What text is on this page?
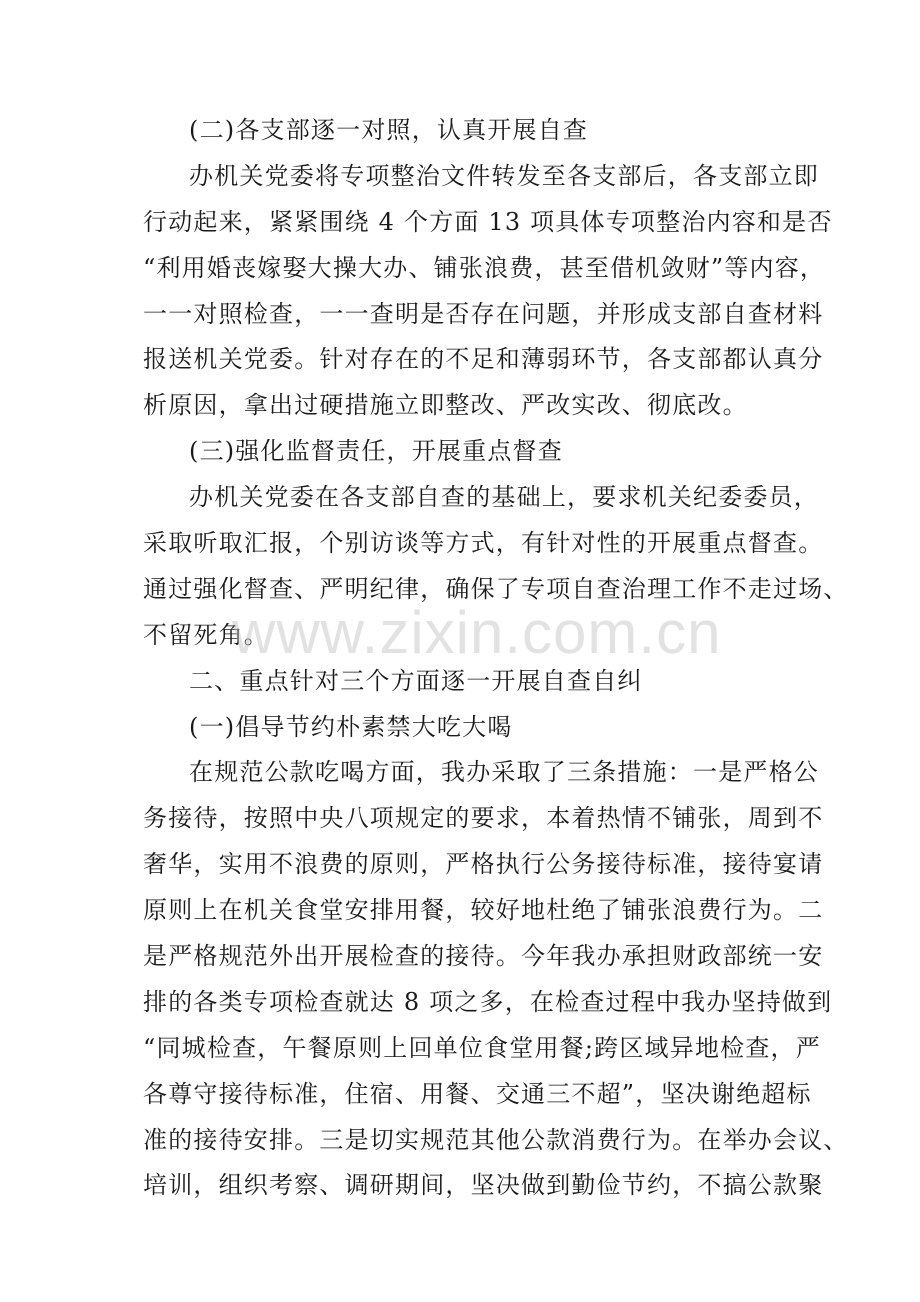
(二)各支部逐一对照，认真开展自查
办机关党委将专项整治文件转发至各支部后，各支部立即
行动起来，紧紧围绕 4 个方面 13 项具体专项整治内容和是否
“利用婚丧嫁娶大操大办、铺张浪费，甚至借机敛财”等内容，
一一对照检查，一一查明是否存在问题，并形成支部自查材料
报送机关党委。针对存在的不足和薄弱环节，各支部都认真分
析原因，拿出过硬措施立即整改、严改实改、彻底改。
(三)强化监督责任，开展重点督查
办机关党委在各支部自查的基础上，要求机关纪委委员，
采取听取汇报，个别访谈等方式，有针对性的开展重点督查。
通过强化督查、严明纪律，确保了专项自查治理工作不走过场、
不留死角。
二、重点针对三个方面逐一开展自查自纠
(一)倡导节约朴素禁大吃大喝
在规范公款吃喝方面，我办采取了三条措施：一是严格公
务接待，按照中央八项规定的要求，本着热情不铺张，周到不
奢华，实用不浪费的原则，严格执行公务接待标准，接待宴请
原则上在机关食堂安排用餐，较好地杜绝了铺张浪费行为。二
是严格规范外出开展检查的接待。今年我办承担财政部统一安
排的各类专项检查就达 8 项之多，在检查过程中我办坚持做到
“同城检查，午餐原则上回单位食堂用餐;跨区域异地检查，严
各尊守接待标准，住宿、用餐、交通三不超”，坚决谢绝超标
准的接待安排。三是切实规范其他公款消费行为。在举办会议、
培训，组织考察、调研期间，坚决做到勤俭节约，不搞公款聚
www.zixin.com.cn
